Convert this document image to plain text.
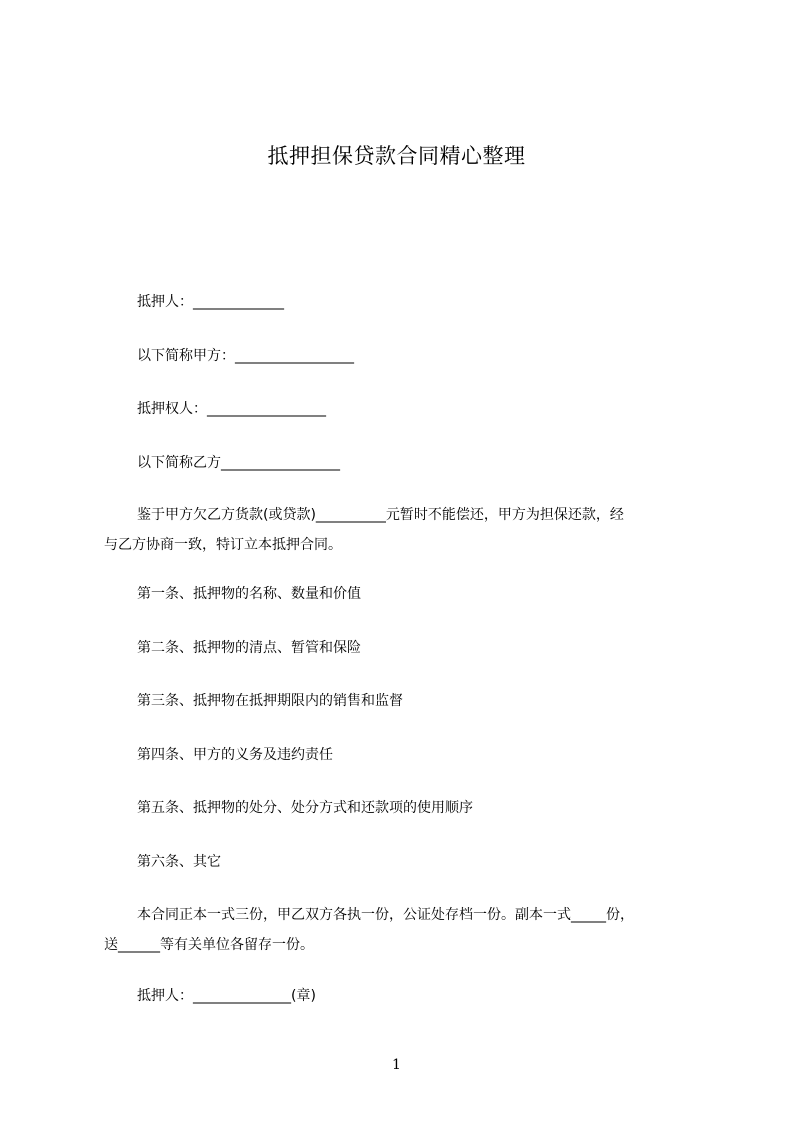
抵押担保贷款合同精心整理
抵押人：_____________
以下简称甲方：_________________
抵押权人：_________________
以下简称乙方_________________
鉴于甲方欠乙方货款(或贷款)__________元暂时不能偿还，甲方为担保还款，经
与乙方协商一致，特订立本抵押合同。
第一条、抵押物的名称、数量和价值
第二条、抵押物的清点、暂管和保险
第三条、抵押物在抵押期限内的销售和监督
第四条、甲方的义务及违约责任
第五条、抵押物的处分、处分方式和还款项的使用顺序
第六条、其它
本合同正本一式三份，甲乙双方各执一份，公证处存档一份。副本一式_____份，
送______等有关单位各留存一份。
抵押人：______________(章)
1
